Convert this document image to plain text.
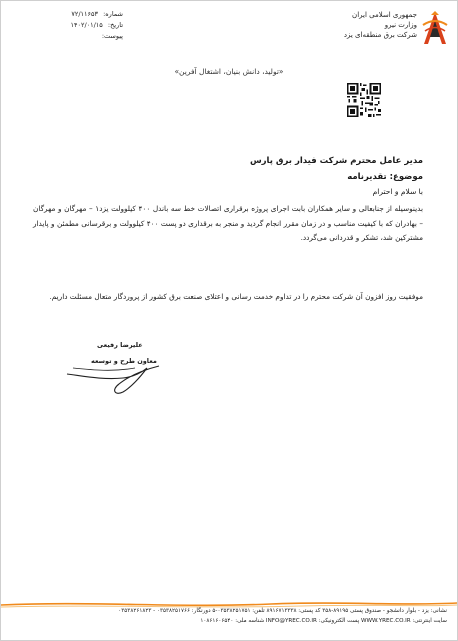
جمهوری اسلامی ایران
وزارت نیرو
شرکت برق منطقه‌ای یزد
شماره: ۷۲/۱۱۶۵۳
تاریخ: ۱۴۰۲/۰۱/۱۵
پیوست:
«تولید، دانش بنیان، اشتغال آفرین»
مدیر عامل محترم شرکت فیدار برق پارس
موضوع: تقدیرنامه
با سلام و احترام
بدینوسیله از جنابعالی و سایر همکاران بابت اجرای پروژه برقراری اتصالات خط سه باندل ۴۰۰ کیلوولت یزد۱ – مهرگان و مهرگان – بهادران که با کیفیت مناسب و در زمان مقرر انجام گردید و منجر به برقداری دو پست ۴۰۰ کیلوولت و برقرسانی مطمئن و پایدار مشترکین شد، تشکر و قدردانی می‌گردد.
موفقیت روز افزون آن شرکت محترم را در تداوم خدمت رسانی و اعتلای صنعت برق کشور از پروردگار متعال مسئلت داریم.
علیرضا رفیعی
معاون طرح و توسعه
نشانی: یزد - بلوار دانشجو - صندوق پستی ۸۹۱۹۵-۳۵۸ کد پستی: ۸۹۱۶۷۱۳۳۳۸ تلفن: ۰۳۵۳۸۲۵۱۷۵۱-۵ دورنگار: ۰۳۵۳۸۲۵۱۷۶۶ - ۰۳۵۳۸۲۶۱۸۲۳
سایت اینترنتی: WWW.YREC.CO.IR پست الکترونیکی: INFO@YREC.CO.IR شناسه ملی: ۱۰۸۶۱۶۰۶۵۴۰
